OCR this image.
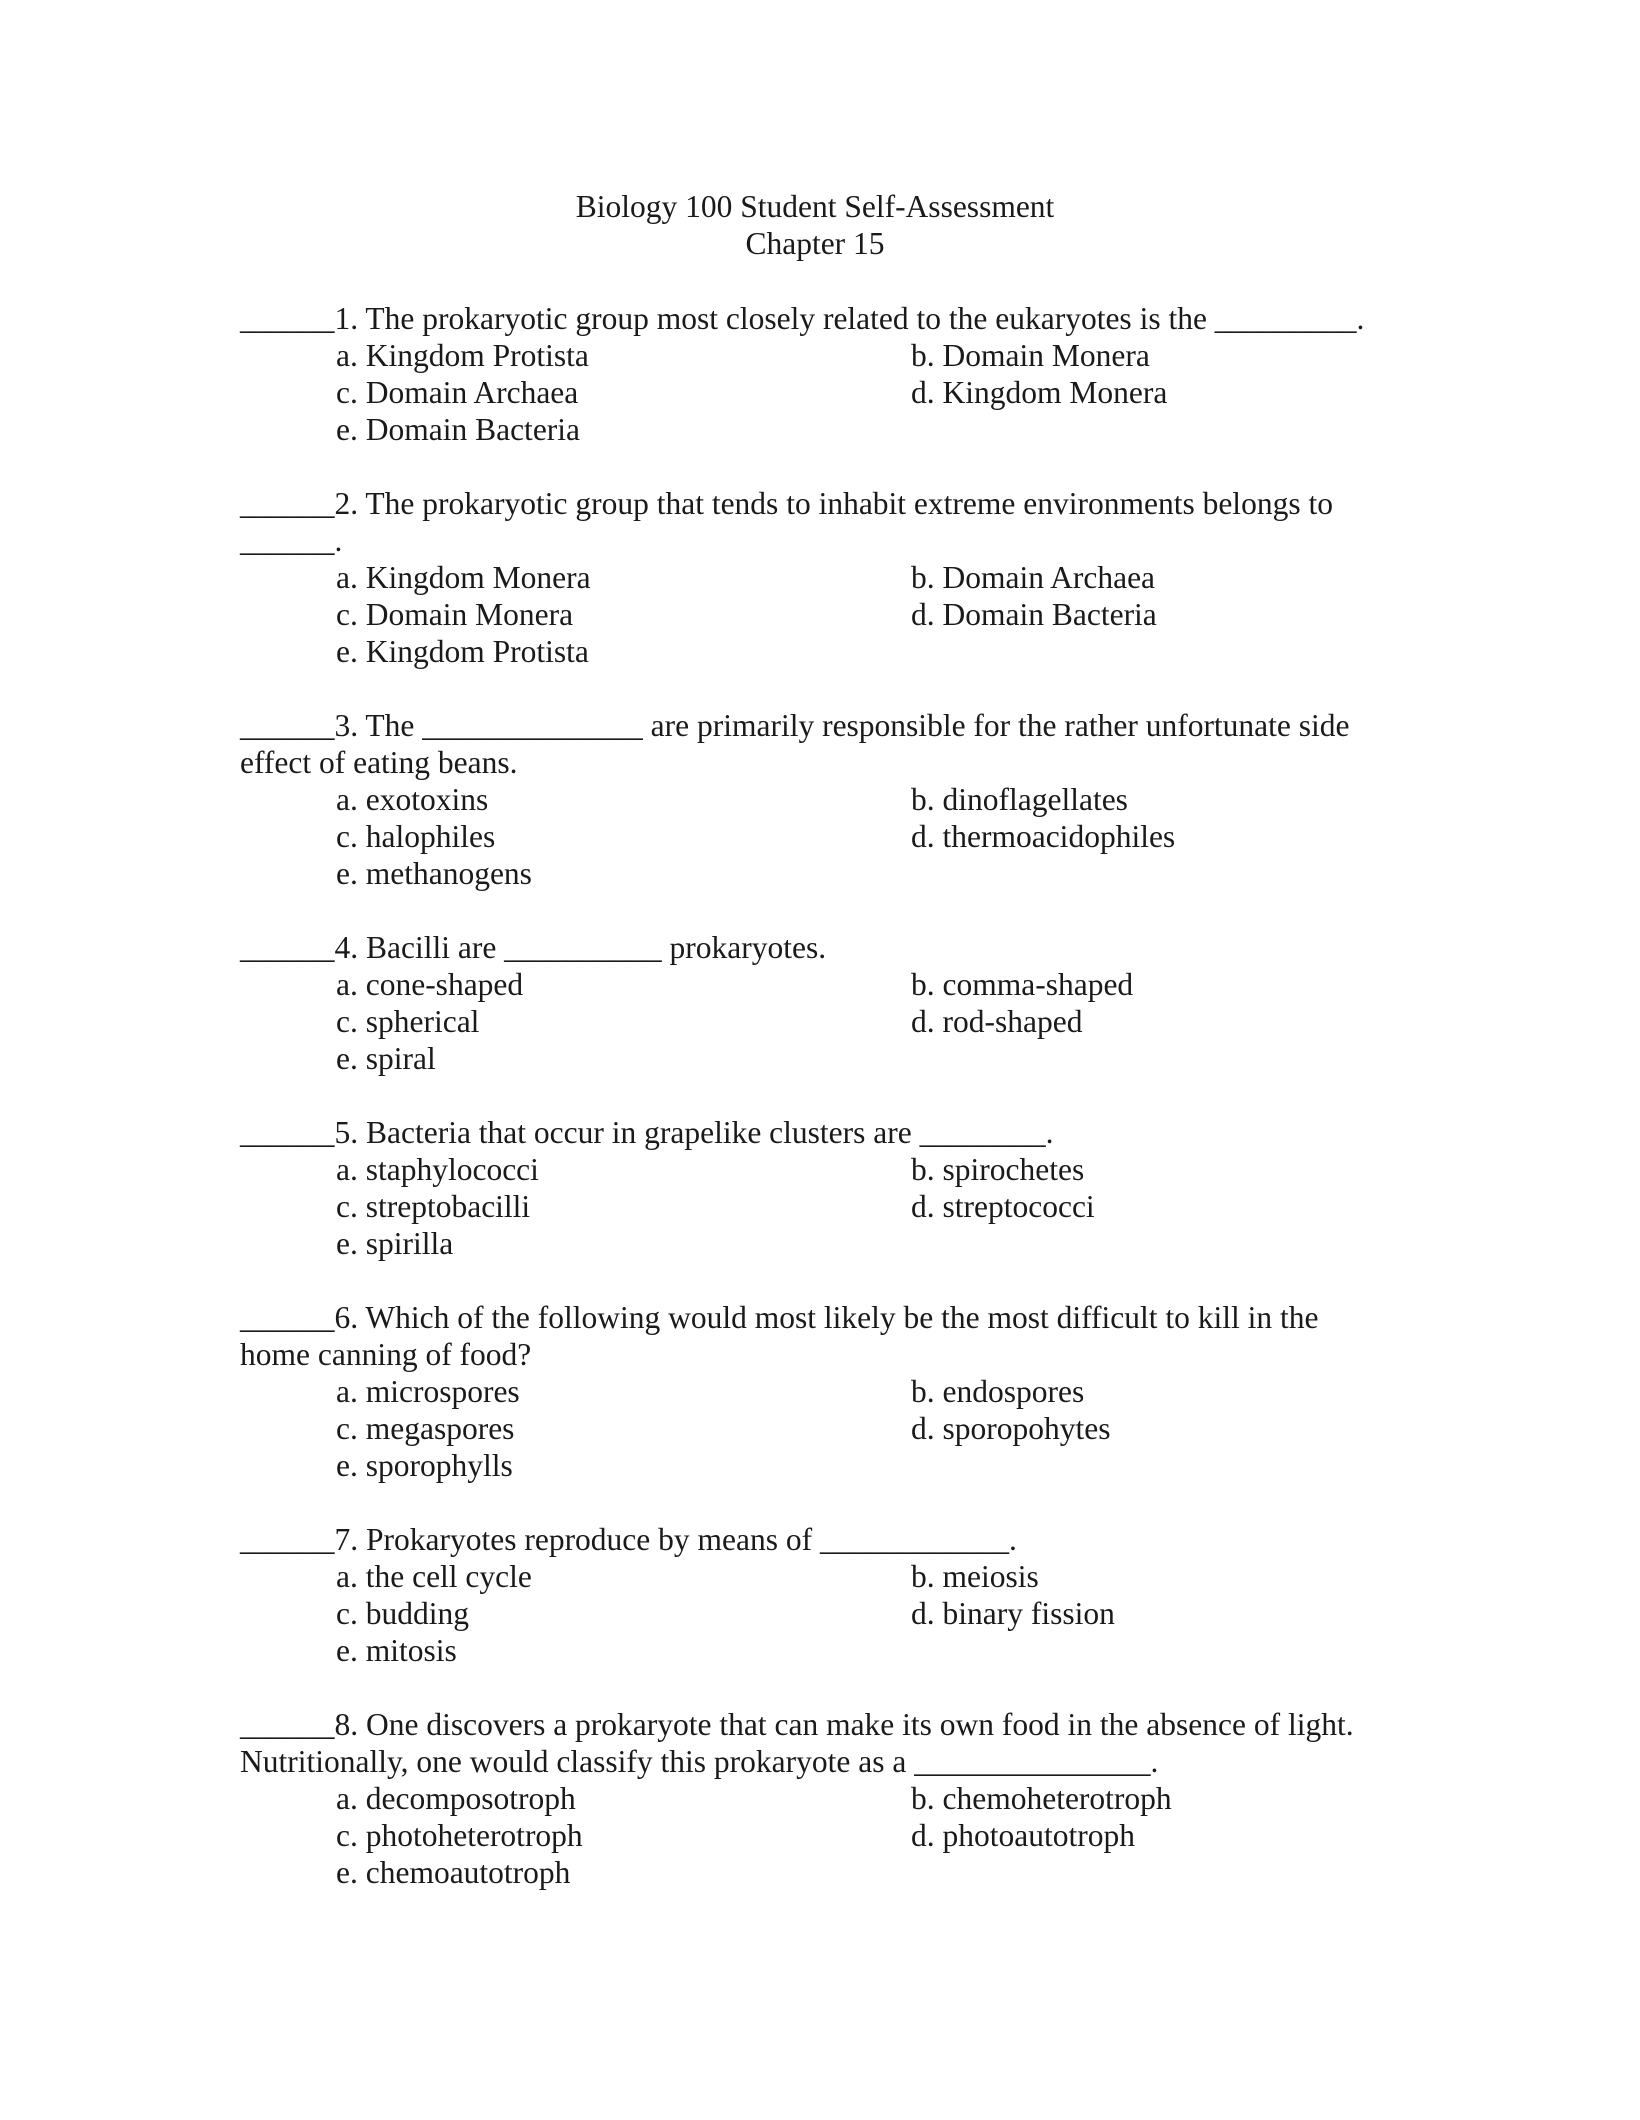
Biology 100 Student Self-Assessment
Chapter 15
______1. The prokaryotic group most closely related to the eukaryotes is the _________.
a. Kingdom Protista	b. Domain Monera
c. Domain Archaea	d. Kingdom Monera
e. Domain Bacteria
______2. The prokaryotic group that tends to inhabit extreme environments belongs to ______.
a. Kingdom Monera	b. Domain Archaea
c. Domain Monera	d. Domain Bacteria
e. Kingdom Protista
______3. The ______________ are primarily responsible for the rather unfortunate side effect of eating beans.
a. exotoxins	b. dinoflagellates
c. halophiles	d. thermoacidophiles
e. methanogens
______4. Bacilli are __________ prokaryotes.
a. cone-shaped	b. comma-shaped
c. spherical	d. rod-shaped
e. spiral
______5. Bacteria that occur in grapelike clusters are ________.
a. staphylococci	b. spirochetes
c. streptobacilli	d. streptococci
e. spirilla
______6. Which of the following would most likely be the most difficult to kill in the home canning of food?
a. microspores	b. endospores
c. megaspores	d. sporopohytes
e. sporophylls
______7. Prokaryotes reproduce by means of ____________.
a. the cell cycle	b. meiosis
c. budding	d. binary fission
e. mitosis
______8. One discovers a prokaryote that can make its own food in the absence of light. Nutritionally, one would classify this prokaryote as a _______________.
a. decomposotroph	b. chemoheterotroph
c. photoheterotroph	d. photoautotroph
e. chemoautotroph
